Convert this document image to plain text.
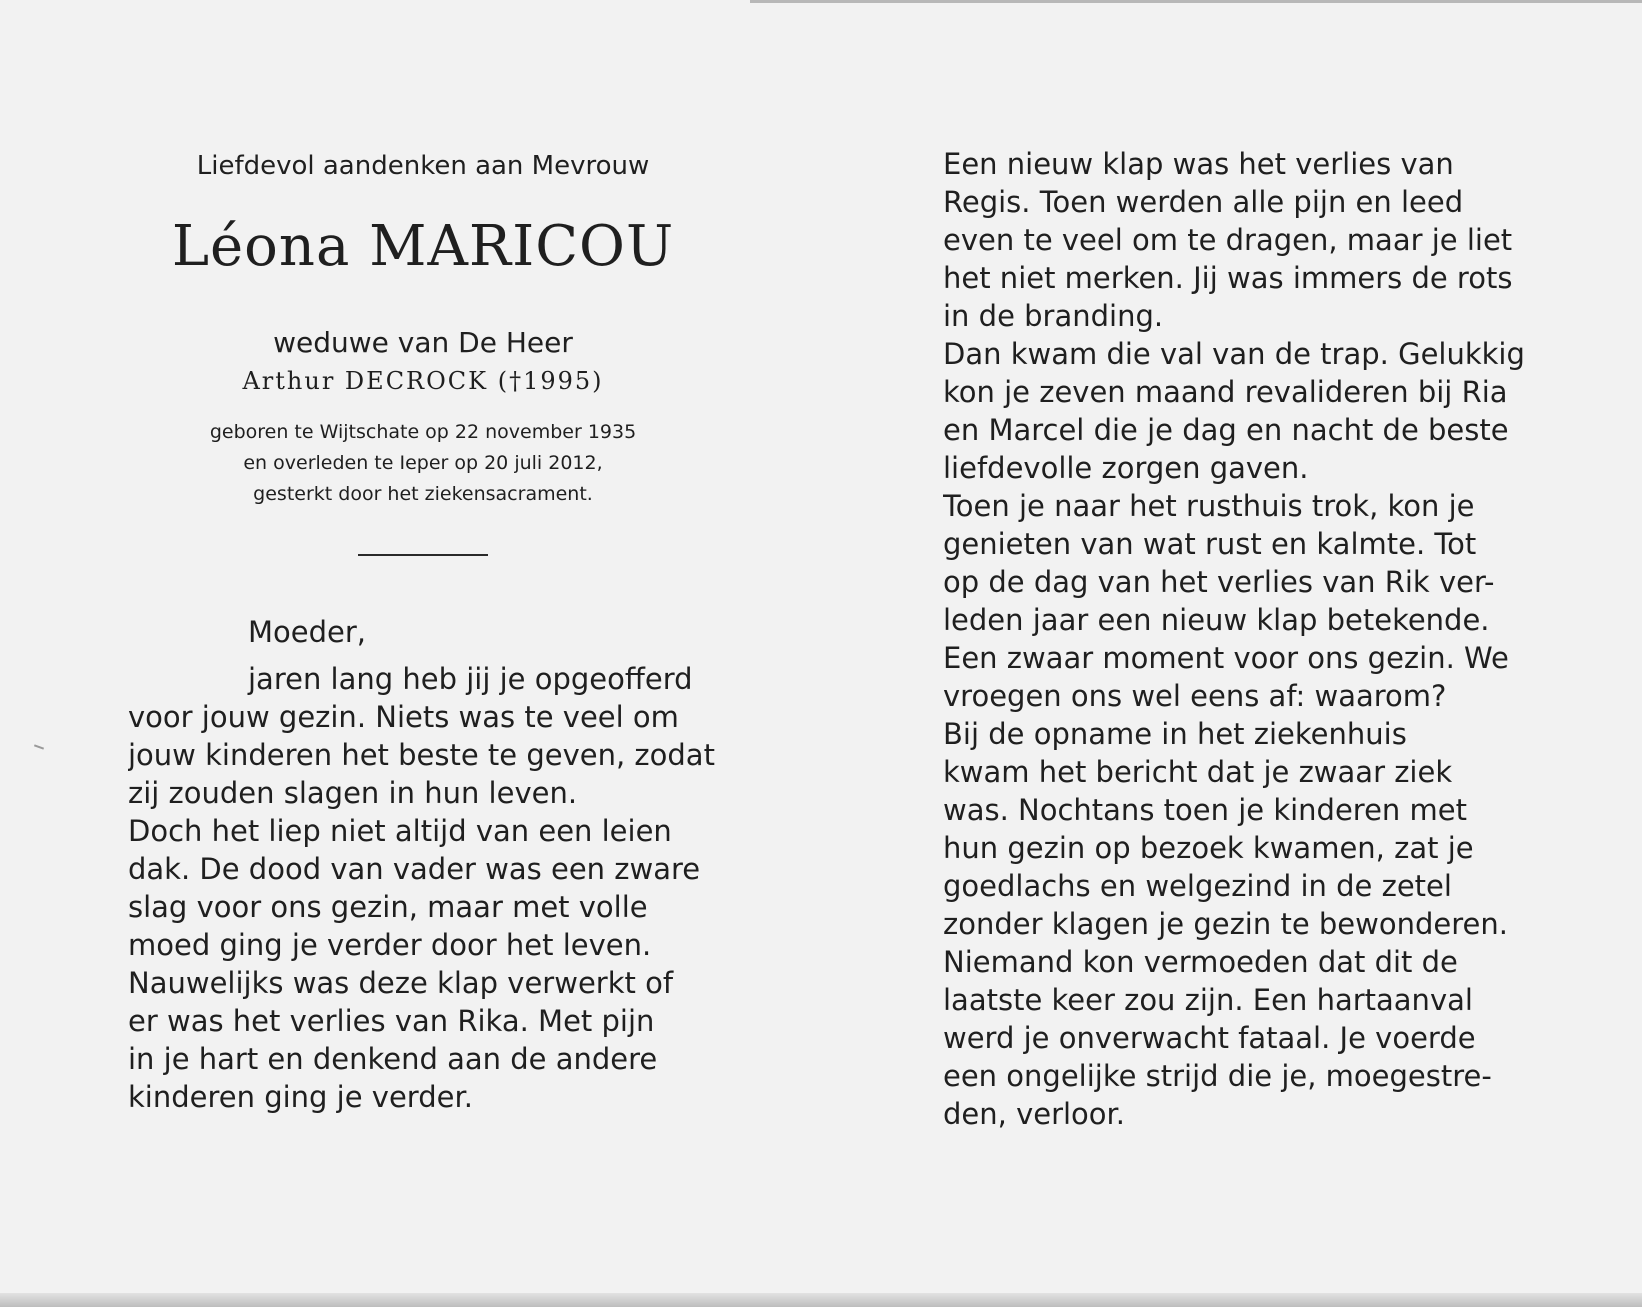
Liefdevol aandenken aan Mevrouw

Léona MARICOU

weduwe van De Heer

Arthur DECROCK (†1995)

geboren te Wijtschate op 22 november 1935
en overleden te Ieper op 20 juli 2012,
gesterkt door het ziekensacrament.

Moeder,

jaren lang heb jij je opgeofferd
voor jouw gezin. Niets was te veel om
jouw kinderen het beste te geven, zodat
zij zouden slagen in hun leven.
Doch het liep niet altijd van een leien
dak. De dood van vader was een zware
slag voor ons gezin, maar met volle
moed ging je verder door het leven.
Nauwelijks was deze klap verwerkt of
er was het verlies van Rika. Met pijn
in je hart en denkend aan de andere
kinderen ging je verder.
Een nieuw klap was het verlies van
Regis. Toen werden alle pijn en leed
even te veel om te dragen, maar je liet
het niet merken. Jij was immers de rots
in de branding.
Dan kwam die val van de trap. Gelukkig
kon je zeven maand revalideren bij Ria
en Marcel die je dag en nacht de beste
liefdevolle zorgen gaven.
Toen je naar het rusthuis trok, kon je
genieten van wat rust en kalmte. Tot
op de dag van het verlies van Rik ver-
leden jaar een nieuw klap betekende.
Een zwaar moment voor ons gezin. We
vroegen ons wel eens af: waarom?
Bij de opname in het ziekenhuis
kwam het bericht dat je zwaar ziek
was. Nochtans toen je kinderen met
hun gezin op bezoek kwamen, zat je
goedlachs en welgezind in de zetel
zonder klagen je gezin te bewonderen.
Niemand kon vermoeden dat dit de
laatste keer zou zijn. Een hartaanval
werd je onverwacht fataal. Je voerde
een ongelijke strijd die je, moegestre-
den, verloor.
